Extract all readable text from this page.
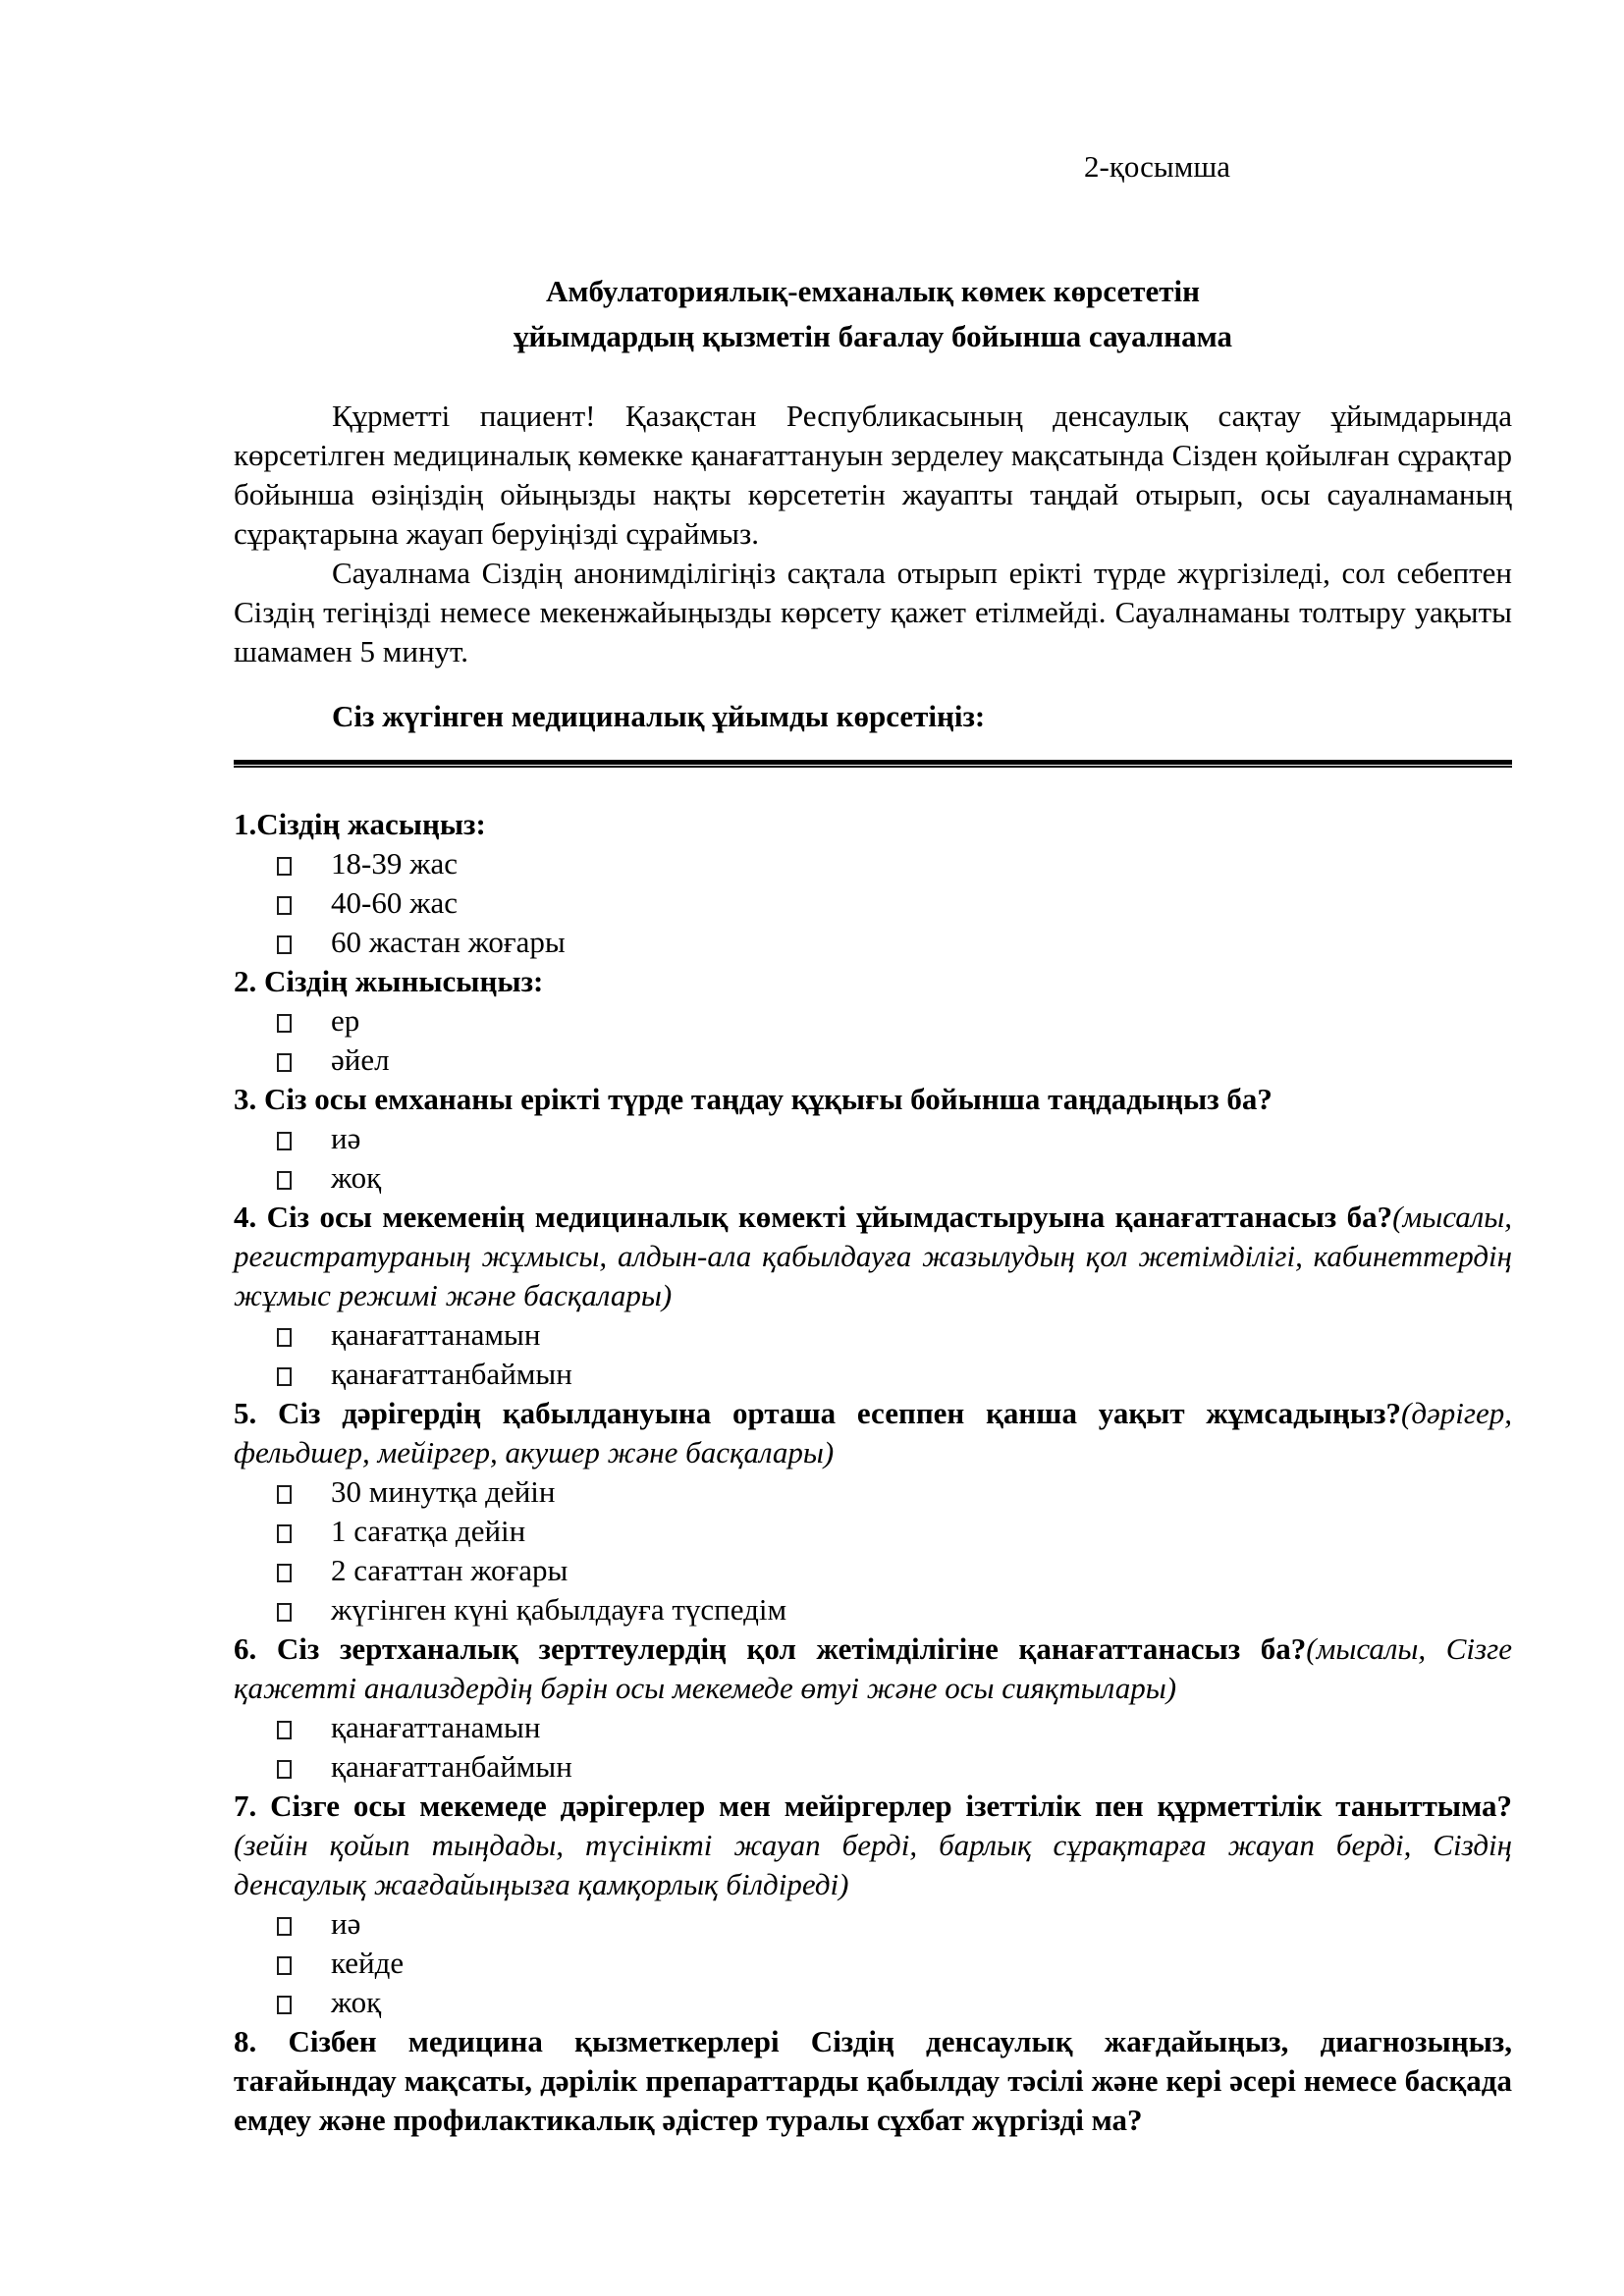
2-қосымша
Амбулаториялық-емханалық көмек көрсететін
ұйымдардың қызметін бағалау бойынша сауалнама

Құрметті пациент! Қазақстан Республикасының денсаулық сақтау ұйымдарында көрсетілген медициналық көмекке қанағаттануын зерделеу мақсатында Сізден қойылған сұрақтар бойынша өзіңіздің ойыңызды нақты көрсететін жауапты таңдай отырып, осы сауалнаманың сұрақтарына жауап беруіңізді сұраймыз.

Сауалнама Сіздің анонимділігіңіз сақтала отырып ерікті түрде жүргізіледі, сол себептен Сіздің тегіңізді немесе мекенжайыңызды көрсету қажет етілмейді. Сауалнаманы толтыру уақыты шамамен 5 минут.

Сіз жүгінген медициналық ұйымды көрсетіңіз:

1.Сіздің жасыңыз:

18-39 жас
40-60 жас
60 жастан жоғары

2. Сіздің жынысыңыз:

ер
әйел

3. Сіз осы емхананы ерікті түрде таңдау құқығы бойынша таңдадыңыз ба?

иә
жоқ

4. Сіз осы мекеменің медициналық көмекті ұйымдастыруына қанағаттанасыз ба?(мысалы, регистратураның жұмысы, алдын-ала қабылдауға жазылудың қол жетімділігі, кабинеттердің жұмыс режимі және басқалары)

қанағаттанамын
қанағаттанбаймын

5. Сіз дәрігердің қабылдануына орташа есеппен қанша уақыт жұмсадыңыз?(дәрігер, фельдшер, мейіргер, акушер және басқалары)

30 минутқа дейін
1 сағатқа дейін
2 сағаттан жоғары
жүгінген күні қабылдауға түспедім

6. Сіз зертханалық зерттеулердің қол жетімділігіне қанағаттанасыз ба?(мысалы, Сізге қажетті анализдердің бәрін осы мекемеде өтуі және осы сияқтылары)

қанағаттанамын
қанағаттанбаймын

7. Сізге осы мекемеде дәрігерлер мен мейіргерлер ізеттілік пен құрметтілік таныттыма?(зейін қойып тыңдады, түсінікті жауап берді, барлық сұрақтарға жауап берді, Сіздің денсаулық жағдайыңызға қамқорлық білдіреді)

иә
кейде
жоқ

8. Сізбен медицина қызметкерлері Сіздің денсаулық жағдайыңыз, диагнозыңыз, тағайындау мақсаты, дәрілік препараттарды қабылдау тәсілі және кері әсері немесе басқада емдеу және профилактикалық әдістер туралы сұхбат жүргізді ма?
